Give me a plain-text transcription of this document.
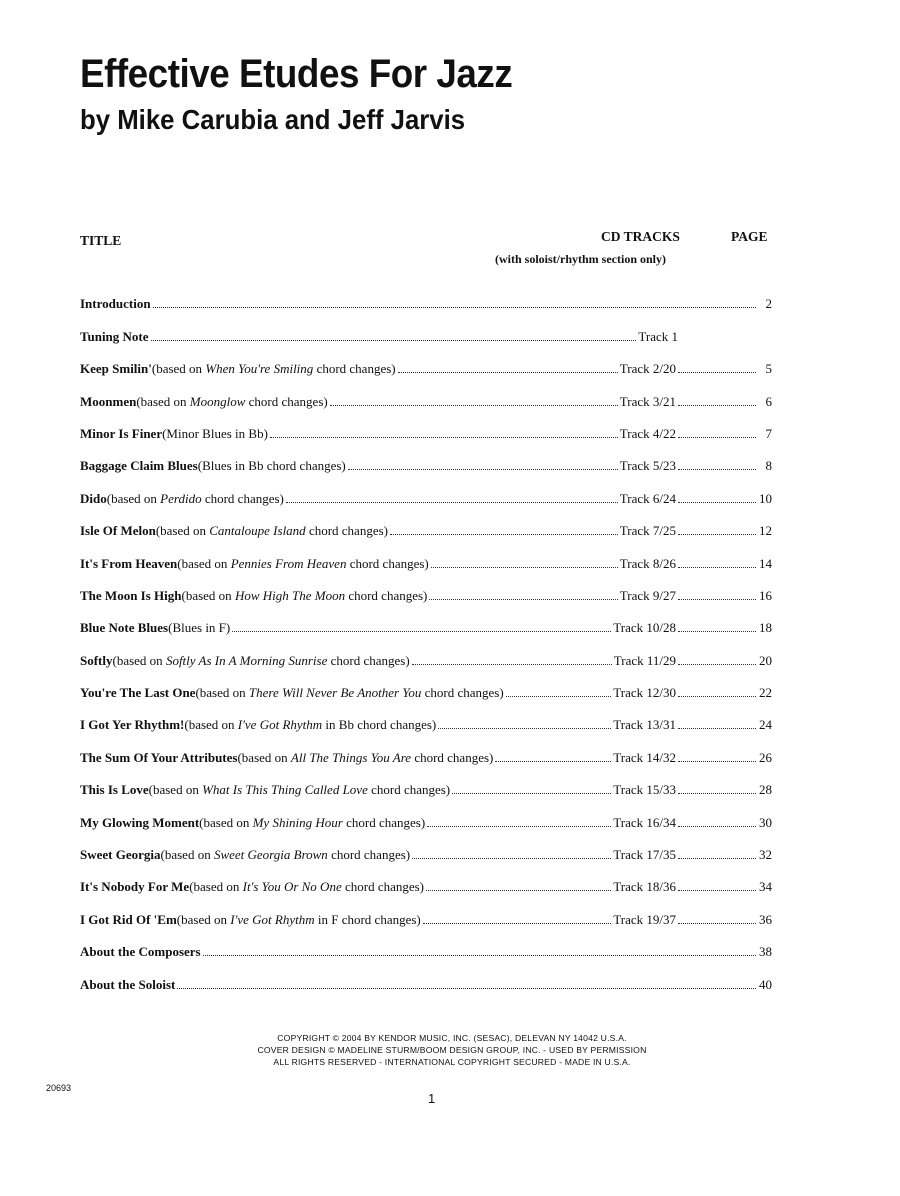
Effective Etudes For Jazz
by Mike Carubia and Jeff Jarvis
TITLE	CD TRACKS	PAGE
(with soloist/rhythm section only)
Introduction	2
Tuning Note	Track 1
Keep Smilin' (based on When You're Smiling chord changes)	Track 2/20	5
Moonmen (based on Moonglow chord changes)	Track 3/21	6
Minor Is Finer (Minor Blues in Bb)	Track 4/22	7
Baggage Claim Blues (Blues in Bb chord changes)	Track 5/23	8
Dido (based on Perdido chord changes)	Track 6/24	10
Isle Of Melon (based on Cantaloupe Island chord changes)	Track 7/25	12
It's From Heaven (based on Pennies From Heaven chord changes)	Track 8/26	14
The Moon Is High (based on How High The Moon chord changes)	Track 9/27	16
Blue Note Blues (Blues in F)	Track 10/28	18
Softly (based on Softly As In A Morning Sunrise chord changes)	Track 11/29	20
You're The Last One (based on There Will Never Be Another You chord changes)	Track 12/30	22
I Got Yer Rhythm! (based on I've Got Rhythm in Bb chord changes)	Track 13/31	24
The Sum Of Your Attributes (based on All The Things You Are chord changes)	Track 14/32	26
This Is Love (based on What Is This Thing Called Love chord changes)	Track 15/33	28
My Glowing Moment (based on My Shining Hour chord changes)	Track 16/34	30
Sweet Georgia (based on Sweet Georgia Brown chord changes)	Track 17/35	32
It's Nobody For Me (based on It's You Or No One chord changes)	Track 18/36	34
I Got Rid Of 'Em (based on I've Got Rhythm in F chord changes)	Track 19/37	36
About the Composers	38
About the Soloist	40
COPYRIGHT © 2004 BY KENDOR MUSIC, INC. (SESAC), DELEVAN NY 14042 U.S.A.
COVER DESIGN © MADELINE STURM/BOOM DESIGN GROUP, INC. - USED BY PERMISSION
ALL RIGHTS RESERVED - INTERNATIONAL COPYRIGHT SECURED - MADE IN U.S.A.
20693
1
